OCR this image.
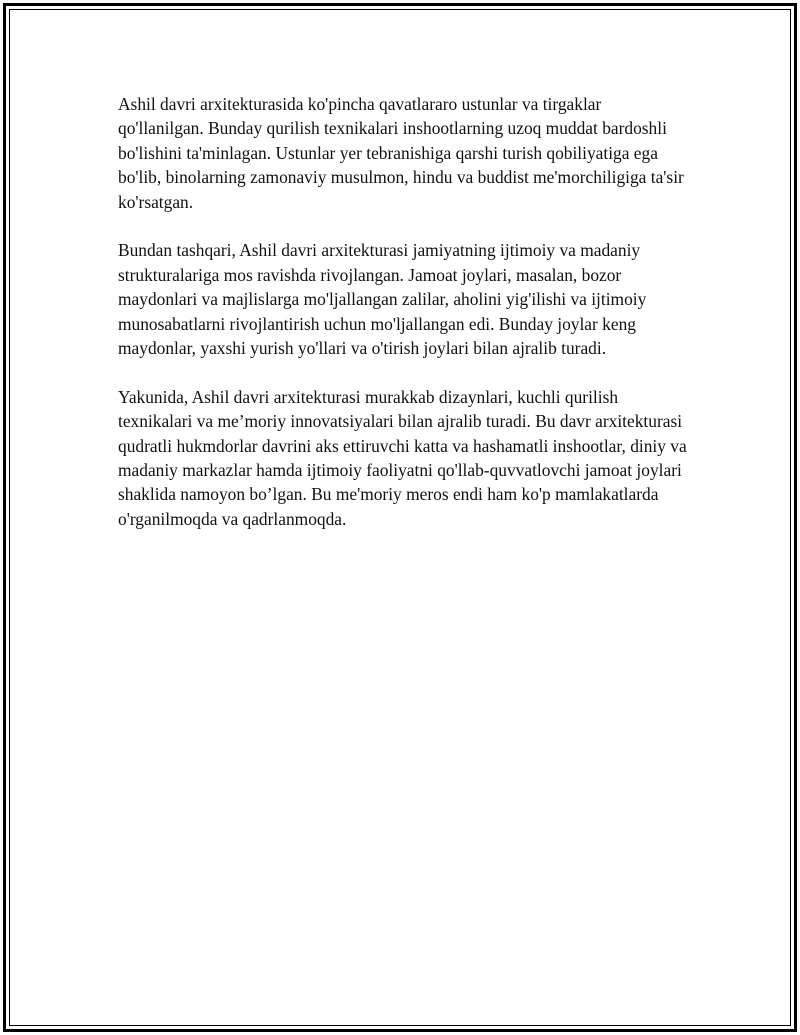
Ashil davri arxitekturasida ko'pincha qavatlararo ustunlar va tirgaklar qo'llanilgan. Bunday qurilish texnikalari inshootlarning uzoq muddat bardoshli bo'lishini ta'minlagan. Ustunlar yer tebranishiga qarshi turish qobiliyatiga ega bo'lib, binolarning zamonaviy musulmon, hindu va buddist me'morchiligiga ta'sir ko'rsatgan.

Bundan tashqari, Ashil davri arxitekturasi jamiyatning ijtimoiy va madaniy strukturalariga mos ravishda rivojlangan. Jamoat joylari, masalan, bozor maydonlari va majlislarga mo'ljallangan zalilar, aholini yig'ilishi va ijtimoiy munosabatlarni rivojlantirish uchun mo'ljallangan edi. Bunday joylar keng maydonlar, yaxshi yurish yo'llari va o'tirish joylari bilan ajralib turadi.

Yakunida, Ashil davri arxitekturasi murakkab dizaynlari, kuchli qurilish texnikalari va me’moriy innovatsiyalari bilan ajralib turadi. Bu davr arxitekturasi qudratli hukmdorlar davrini aks ettiruvchi katta va hashamatli inshootlar, diniy va madaniy markazlar hamda ijtimoiy faoliyatni qo'llab-quvvatlovchi jamoat joylari shaklida namoyon bo’lgan. Bu me'moriy meros endi ham ko'p mamlakatlarda o'rganilmoqda va qadrlanmoqda.
